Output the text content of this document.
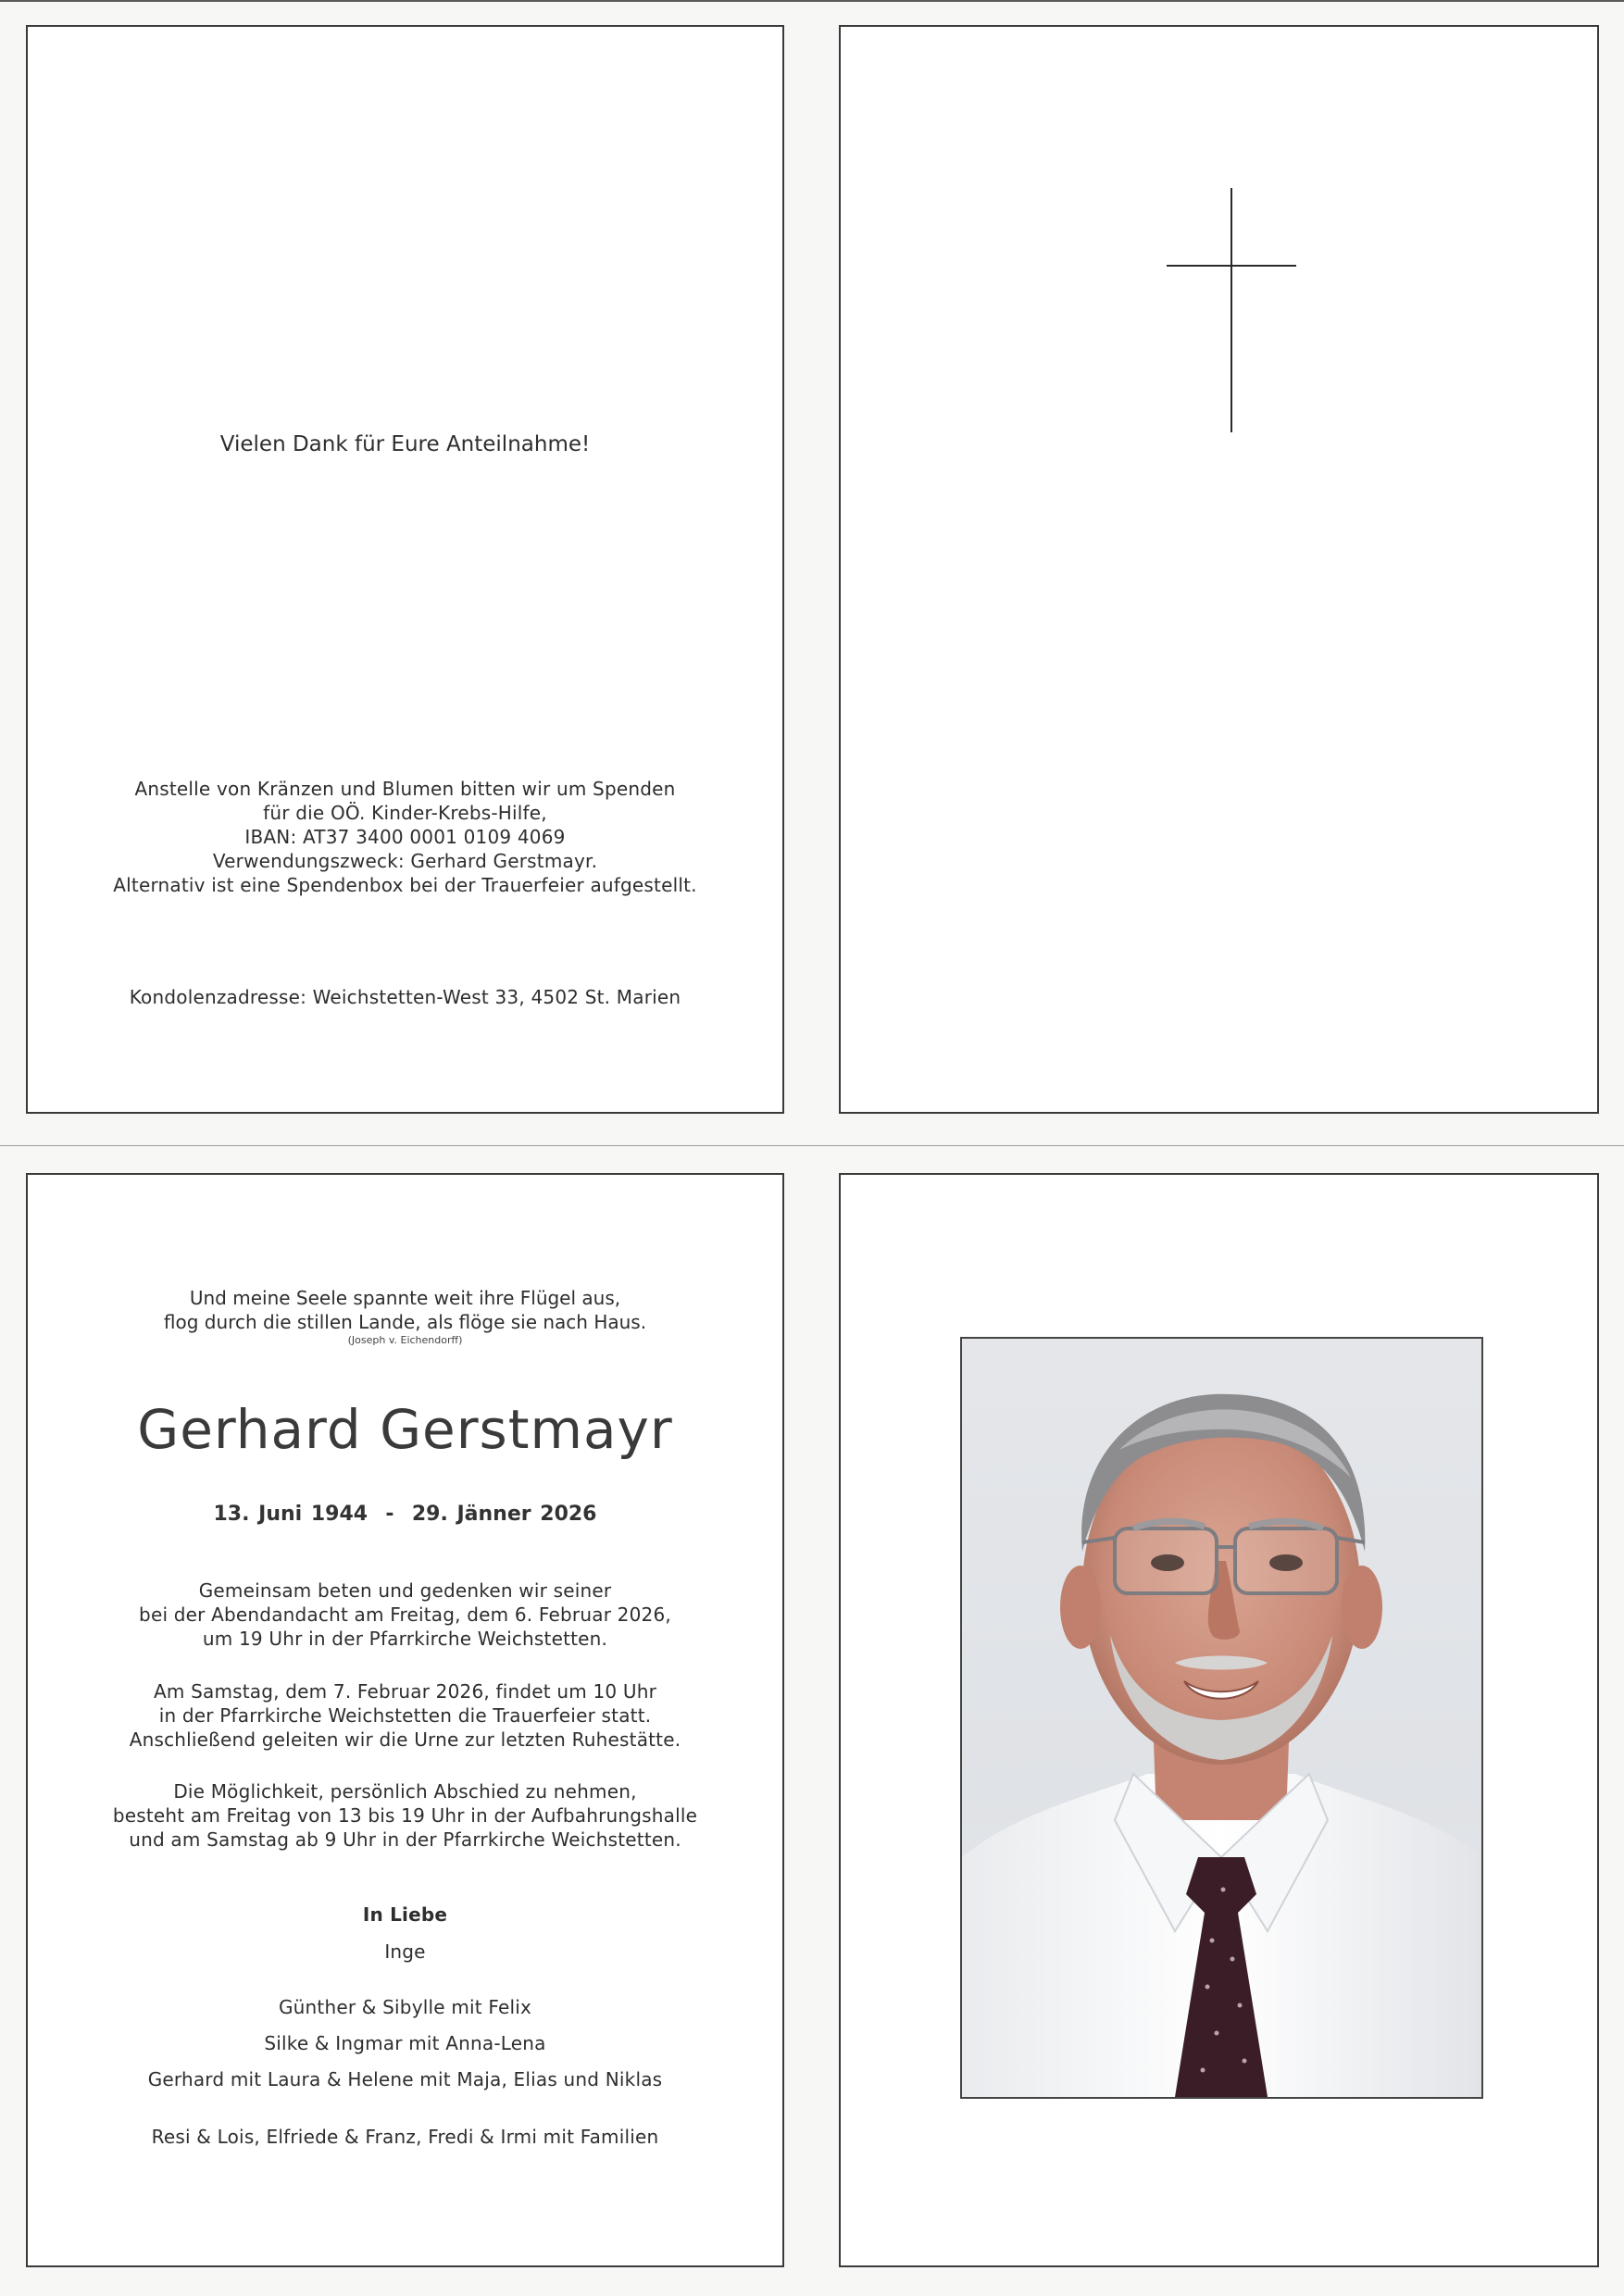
Vielen Dank für Eure Anteilnahme!
Anstelle von Kränzen und Blumen bitten wir um Spenden
für die OÖ. Kinder-Krebs-Hilfe,
IBAN: AT37 3400 0001 0109 4069
Verwendungszweck: Gerhard Gerstmayr.
Alternativ ist eine Spendenbox bei der Trauerfeier aufgestellt.
Kondolenzadresse: Weichstetten-West 33, 4502 St. Marien
Und meine Seele spannte weit ihre Flügel aus,
flog durch die stillen Lande, als flöge sie nach Haus.
(Joseph v. Eichendorff)
Gerhard Gerstmayr
13. Juni 1944  -  29. Jänner 2026
Gemeinsam beten und gedenken wir seiner
bei der Abendandacht am Freitag, dem 6. Februar 2026,
um 19 Uhr in der Pfarrkirche Weichstetten.
Am Samstag, dem 7. Februar 2026, findet um 10 Uhr
in der Pfarrkirche Weichstetten die Trauerfeier statt.
Anschließend geleiten wir die Urne zur letzten Ruhestätte.
Die Möglichkeit, persönlich Abschied zu nehmen,
besteht am Freitag von 13 bis 19 Uhr in der Aufbahrungshalle
und am Samstag ab 9 Uhr in der Pfarrkirche Weichstetten.
In Liebe
Inge
Günther & Sibylle mit Felix
Silke & Ingmar mit Anna-Lena
Gerhard mit Laura & Helene mit Maja, Elias und Niklas
Resi & Lois, Elfriede & Franz, Fredi & Irmi mit Familien
